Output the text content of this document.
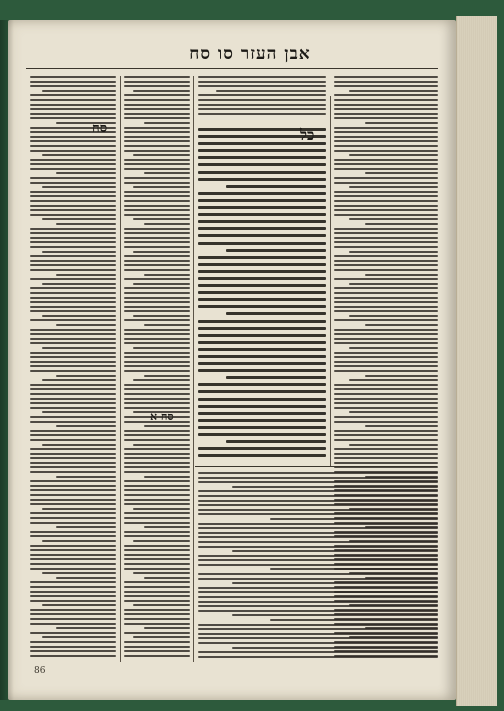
אבן העזר סו סח
כל
סח
סח א
86
